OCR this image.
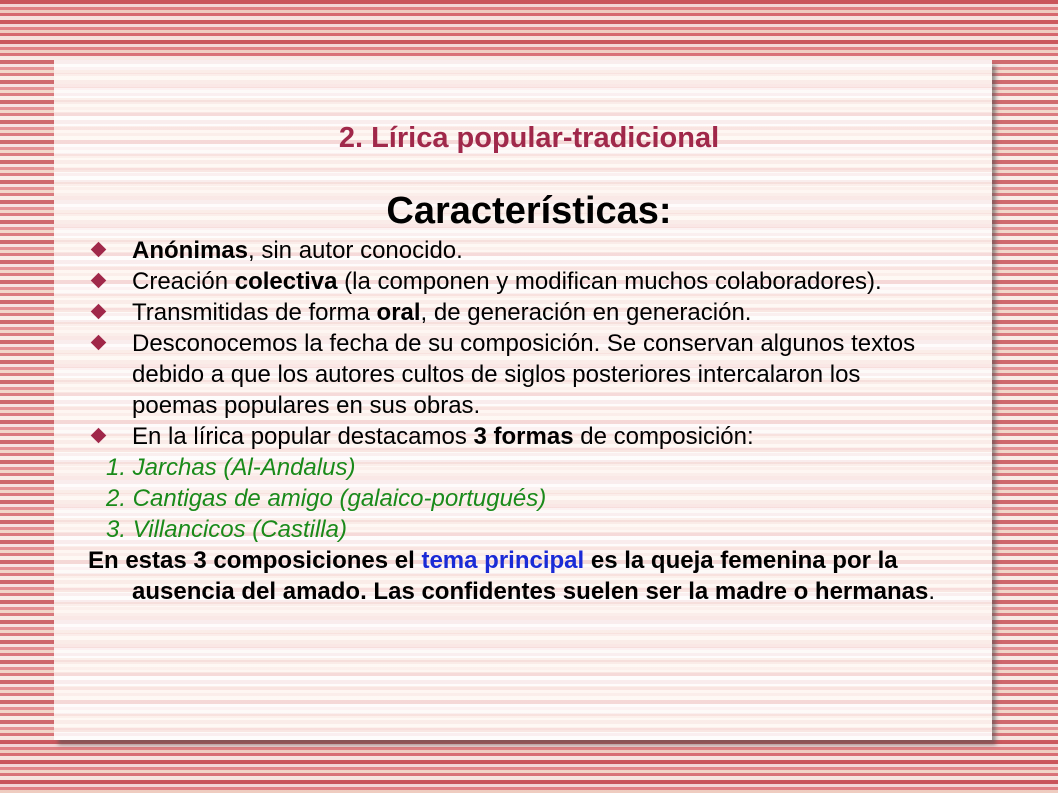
2. Lírica popular-tradicional
Características:

Anónimas, sin autor conocido.

Creación colectiva (la componen y modifican muchos colaboradores).

Transmitidas de forma oral, de generación en generación.

Desconocemos la fecha de su composición. Se conservan algunos textos debido a que los autores cultos de siglos posteriores intercalaron los poemas populares en sus obras.

En la lírica popular destacamos 3 formas de composición:

1. Jarchas (Al-Andalus)

2. Cantigas de amigo (galaico-portugués)

3. Villancicos (Castilla)

En estas 3 composiciones el tema principal es la queja femenina por la ausencia del amado. Las confidentes suelen ser la madre o hermanas.
